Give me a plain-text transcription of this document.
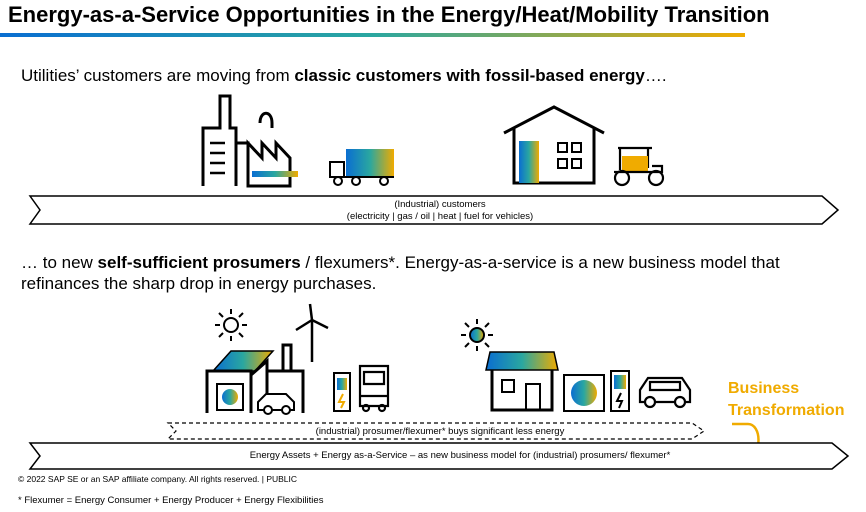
Energy-as-a-Service Opportunities in the Energy/Heat/Mobility Transition
Utilities’ customers are moving from classic customers with fossil-based energy….
(Industrial) customers
(electricity | gas / oil | heat | fuel for vehicles)
… to new self-sufficient prosumers / flexumers*. Energy-as-a-service is a new business model that
refinances the sharp drop in energy purchases.
Business
Transformation
(industrial) prosumer/flexumer* buys significant less energy
Energy Assets + Energy as-a-Service – as new business model for (industrial) prosumers/ flexumer*
© 2022 SAP SE or an SAP affiliate company. All rights reserved. | PUBLIC
* Flexumer = Energy Consumer + Energy Producer + Energy Flexibilities
